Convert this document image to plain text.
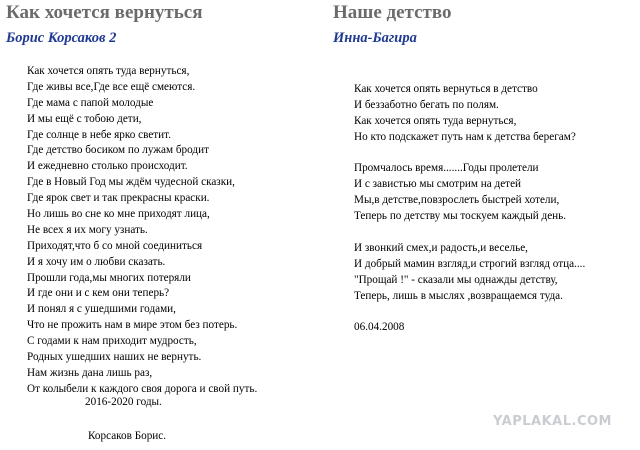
Как хочется вернуться
Борис Корсаков 2
Как хочется опять туда вернуться,
Где живы все,Где все ещё смеются.
Где мама с папой молодые
И мы ещё с тобою дети,
Где солнце в небе ярко светит.
Где детство босиком по лужам бродит
И ежедневно столько происходит.
Где в Новый Год мы ждём чудесной сказки,
Где ярок свет и так прекрасны краски.
Но лишь во сне ко мне приходят лица,
Не всех я их могу узнать.
Приходят,что б со мной соединиться
И я хочу им о любви сказать.
Прошли года,мы многих потеряли
И где они и с кем они теперь?
И понял я с ушедшими годами,
Что не прожить нам в мире этом без потерь.
С годами к нам приходит мудрость,
Родных ушедших наших не вернуть.
Нам жизнь дана лишь раз,
От колыбели к каждого своя дорога и свой путь.
2016-2020 годы.
Корсаков Борис.
Наше детство
Инна-Багира
Как хочется опять вернуться в детство
И беззаботно бегать по полям.
Как хочется опять туда вернуться,
Но кто подскажет путь нам к детства берегам?
Промчалось время.......Годы пролетели
И с завистью мы смотрим на детей
Мы,в детстве,повзрослеть быстрей хотели,
Теперь по детству мы тоскуем каждый день.
И звонкий смех,и радость,и веселье,
И добрый мамин взгляд,и строгий взгляд отца....
"Прощай !" - сказали мы однажды детству,
Теперь, лишь в мыслях ,возвращаемся туда.
06.04.2008
YAPLAKAL.COM
